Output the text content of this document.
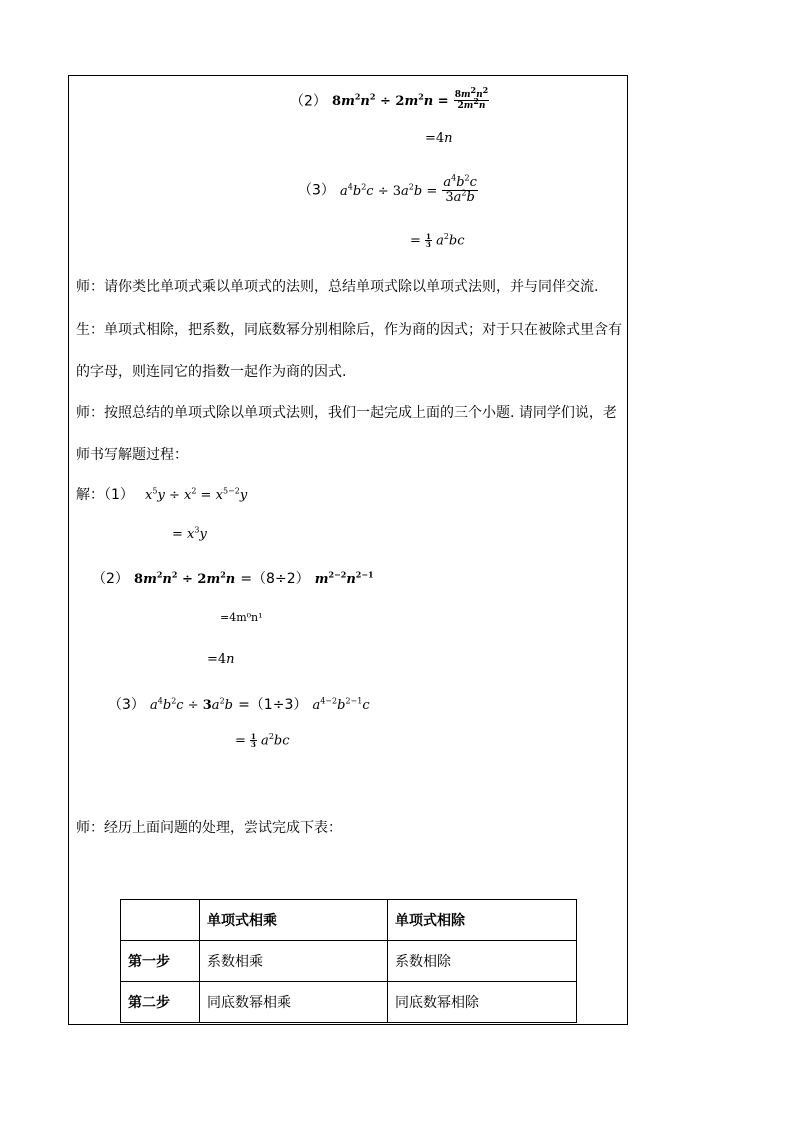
（2） $8m^2n^2 \div 2m^2n = \frac{8m^2n^2}{2m^2n}$
=4n
（3） $a^4b^2c \div 3a^2b = \frac{a^4b^2c}{3a^2b}$
= $\frac{1}{3} a^2bc$
师：请你类比单项式乘以单项式的法则，总结单项式除以单项式法则，并与同伴交流.
生：单项式相除，把系数，同底数幂分别相除后，作为商的因式；对于只在被除式里含有
的字母，则连同它的指数一起作为商的因式.
师：按照总结的单项式除以单项式法则，我们一起完成上面的三个小题. 请同学们说，老
师书写解题过程：
解：（1） $x^5y \div x^2 = x^{5-2}y$
= $x^3y$
（2） $8m^2n^2 \div 2m^2n =(8\div 2)$ $m^{2-2}n^{2-1}$
=4m⁰n¹
=4n
（3） $a^4b^2c \div 3a^2b =(1\div 3)$ $a^{4-2}b^{2-1}c$
= $\frac{1}{3} a^2bc$
师：经历上面问题的处理，尝试完成下表：
	单项式相乘	单项式相除
第一步	系数相乘	系数相除
第二步	同底数幂相乘	同底数幂相除
